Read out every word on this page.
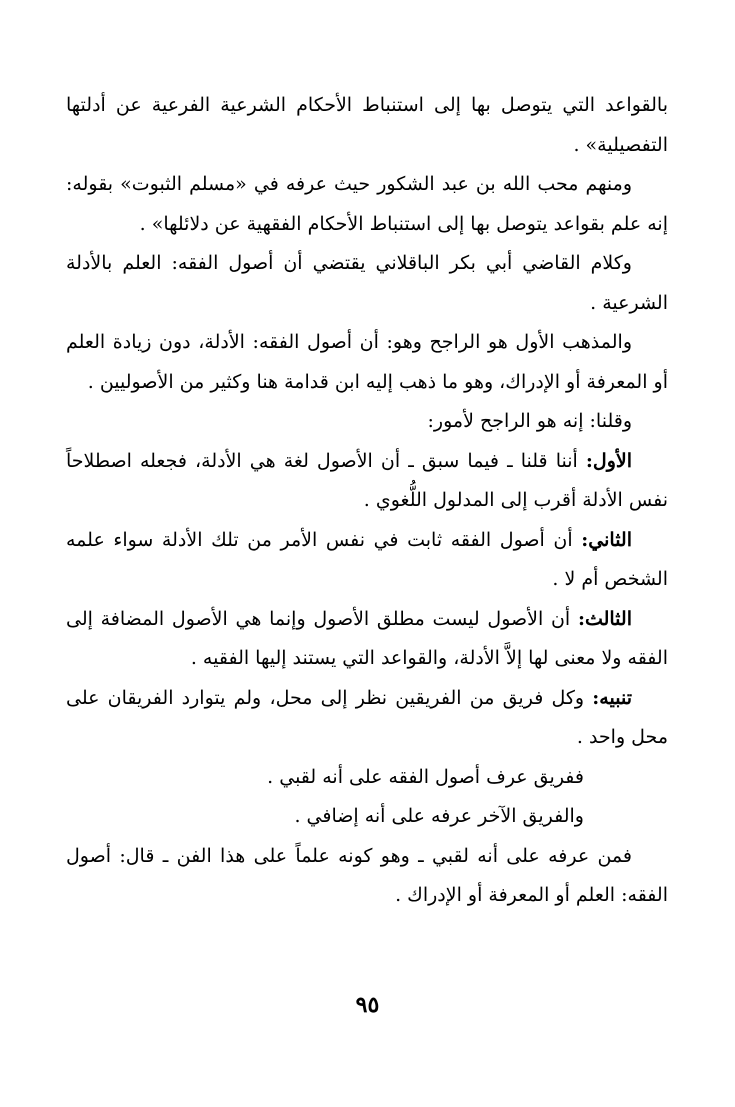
بالقواعد التي يتوصل بها إلى استنباط الأحكام الشرعية الفرعية عن أدلتها التفصيلية» .

ومنهم محب الله بن عبد الشكور حيث عرفه في «مسلم الثبوت» بقوله: إنه علم بقواعد يتوصل بها إلى استنباط الأحكام الفقهية عن دلائلها» .

وكلام القاضي أبي بكر الباقلاني يقتضي أن أصول الفقه: العلم بالأدلة الشرعية .

والمذهب الأول هو الراجح وهو: أن أصول الفقه: الأدلة، دون زيادة العلم أو المعرفة أو الإدراك، وهو ما ذهب إليه ابن قدامة هنا وكثير من الأصوليين .

وقلنا: إنه هو الراجح لأمور:

الأول: أننا قلنا ـ فيما سبق ـ أن الأصول لغة هي الأدلة، فجعله اصطلاحاً نفس الأدلة أقرب إلى المدلول اللُّغوي .

الثاني: أن أصول الفقه ثابت في نفس الأمر من تلك الأدلة سواء علمه الشخص أم لا .

الثالث: أن الأصول ليست مطلق الأصول وإنما هي الأصول المضافة إلى الفقه ولا معنى لها إلاَّ الأدلة، والقواعد التي يستند إليها الفقيه .

تنبيه: وكل فريق من الفريقين نظر إلى محل، ولم يتوارد الفريقان على محل واحد .

ففريق عرف أصول الفقه على أنه لقبي .

والفريق الآخر عرفه على أنه إضافي .

فمن عرفه على أنه لقبي ـ وهو كونه علماً على هذا الفن ـ قال: أصول الفقه: العلم أو المعرفة أو الإدراك .

٩٥
